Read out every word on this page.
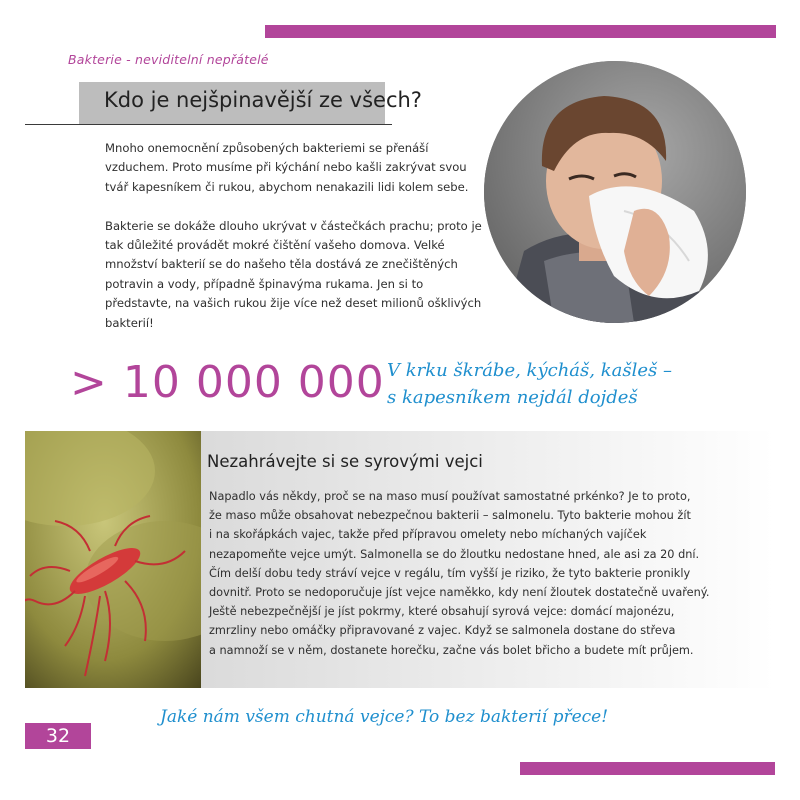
Bakterie - neviditelní nepřátelé
Kdo je nejšpinavější ze všech?

Mnoho onemocnění způsobených bakteriemi se přenáší vzduchem. Proto musíme při kýchání nebo kašli zakrývat svou tvář kapesníkem či rukou, abychom nenakazili lidi kolem sebe.

Bakterie se dokáže dlouho ukrývat v částečkách prachu; proto je tak důležité provádět mokré čištění vašeho domova. Velké množství bakterií se do našeho těla dostává ze znečištěných potravin a vody, případně špinavýma rukama. Jen si to představte, na vašich rukou žije více než deset milionů ošklivých bakterií!

> 10 000 000 V krku škrábe, kýcháš, kašleš –
s kapesníkem nejdál dojdeš
Nezahrávejte si se syrovými vejci
Napadlo vás někdy, proč se na maso musí používat samostatné prkénko? Je to proto,
že maso může obsahovat nebezpečnou bakterii – salmonelu. Tyto bakterie mohou žít
i na skořápkách vajec, takže před přípravou omelety nebo míchaných vajíček
nezapomeňte vejce umýt. Salmonella se do žloutku nedostane hned, ale asi za 20 dní.
Čím delší dobu tedy stráví vejce v regálu, tím vyšší je riziko, že tyto bakterie pronikly
dovnitř. Proto se nedoporučuje jíst vejce naměkko, kdy není žloutek dostatečně uvařený.
Ještě nebezpečnější je jíst pokrmy, které obsahují syrová vejce: domácí majonézu,
zmrzliny nebo omáčky připravované z vajec. Když se salmonela dostane do střeva
a namnoží se v něm, dostanete horečku, začne vás bolet břicho a budete mít průjem.
32
Jaké nám všem chutná vejce? To bez bakterií přece!
